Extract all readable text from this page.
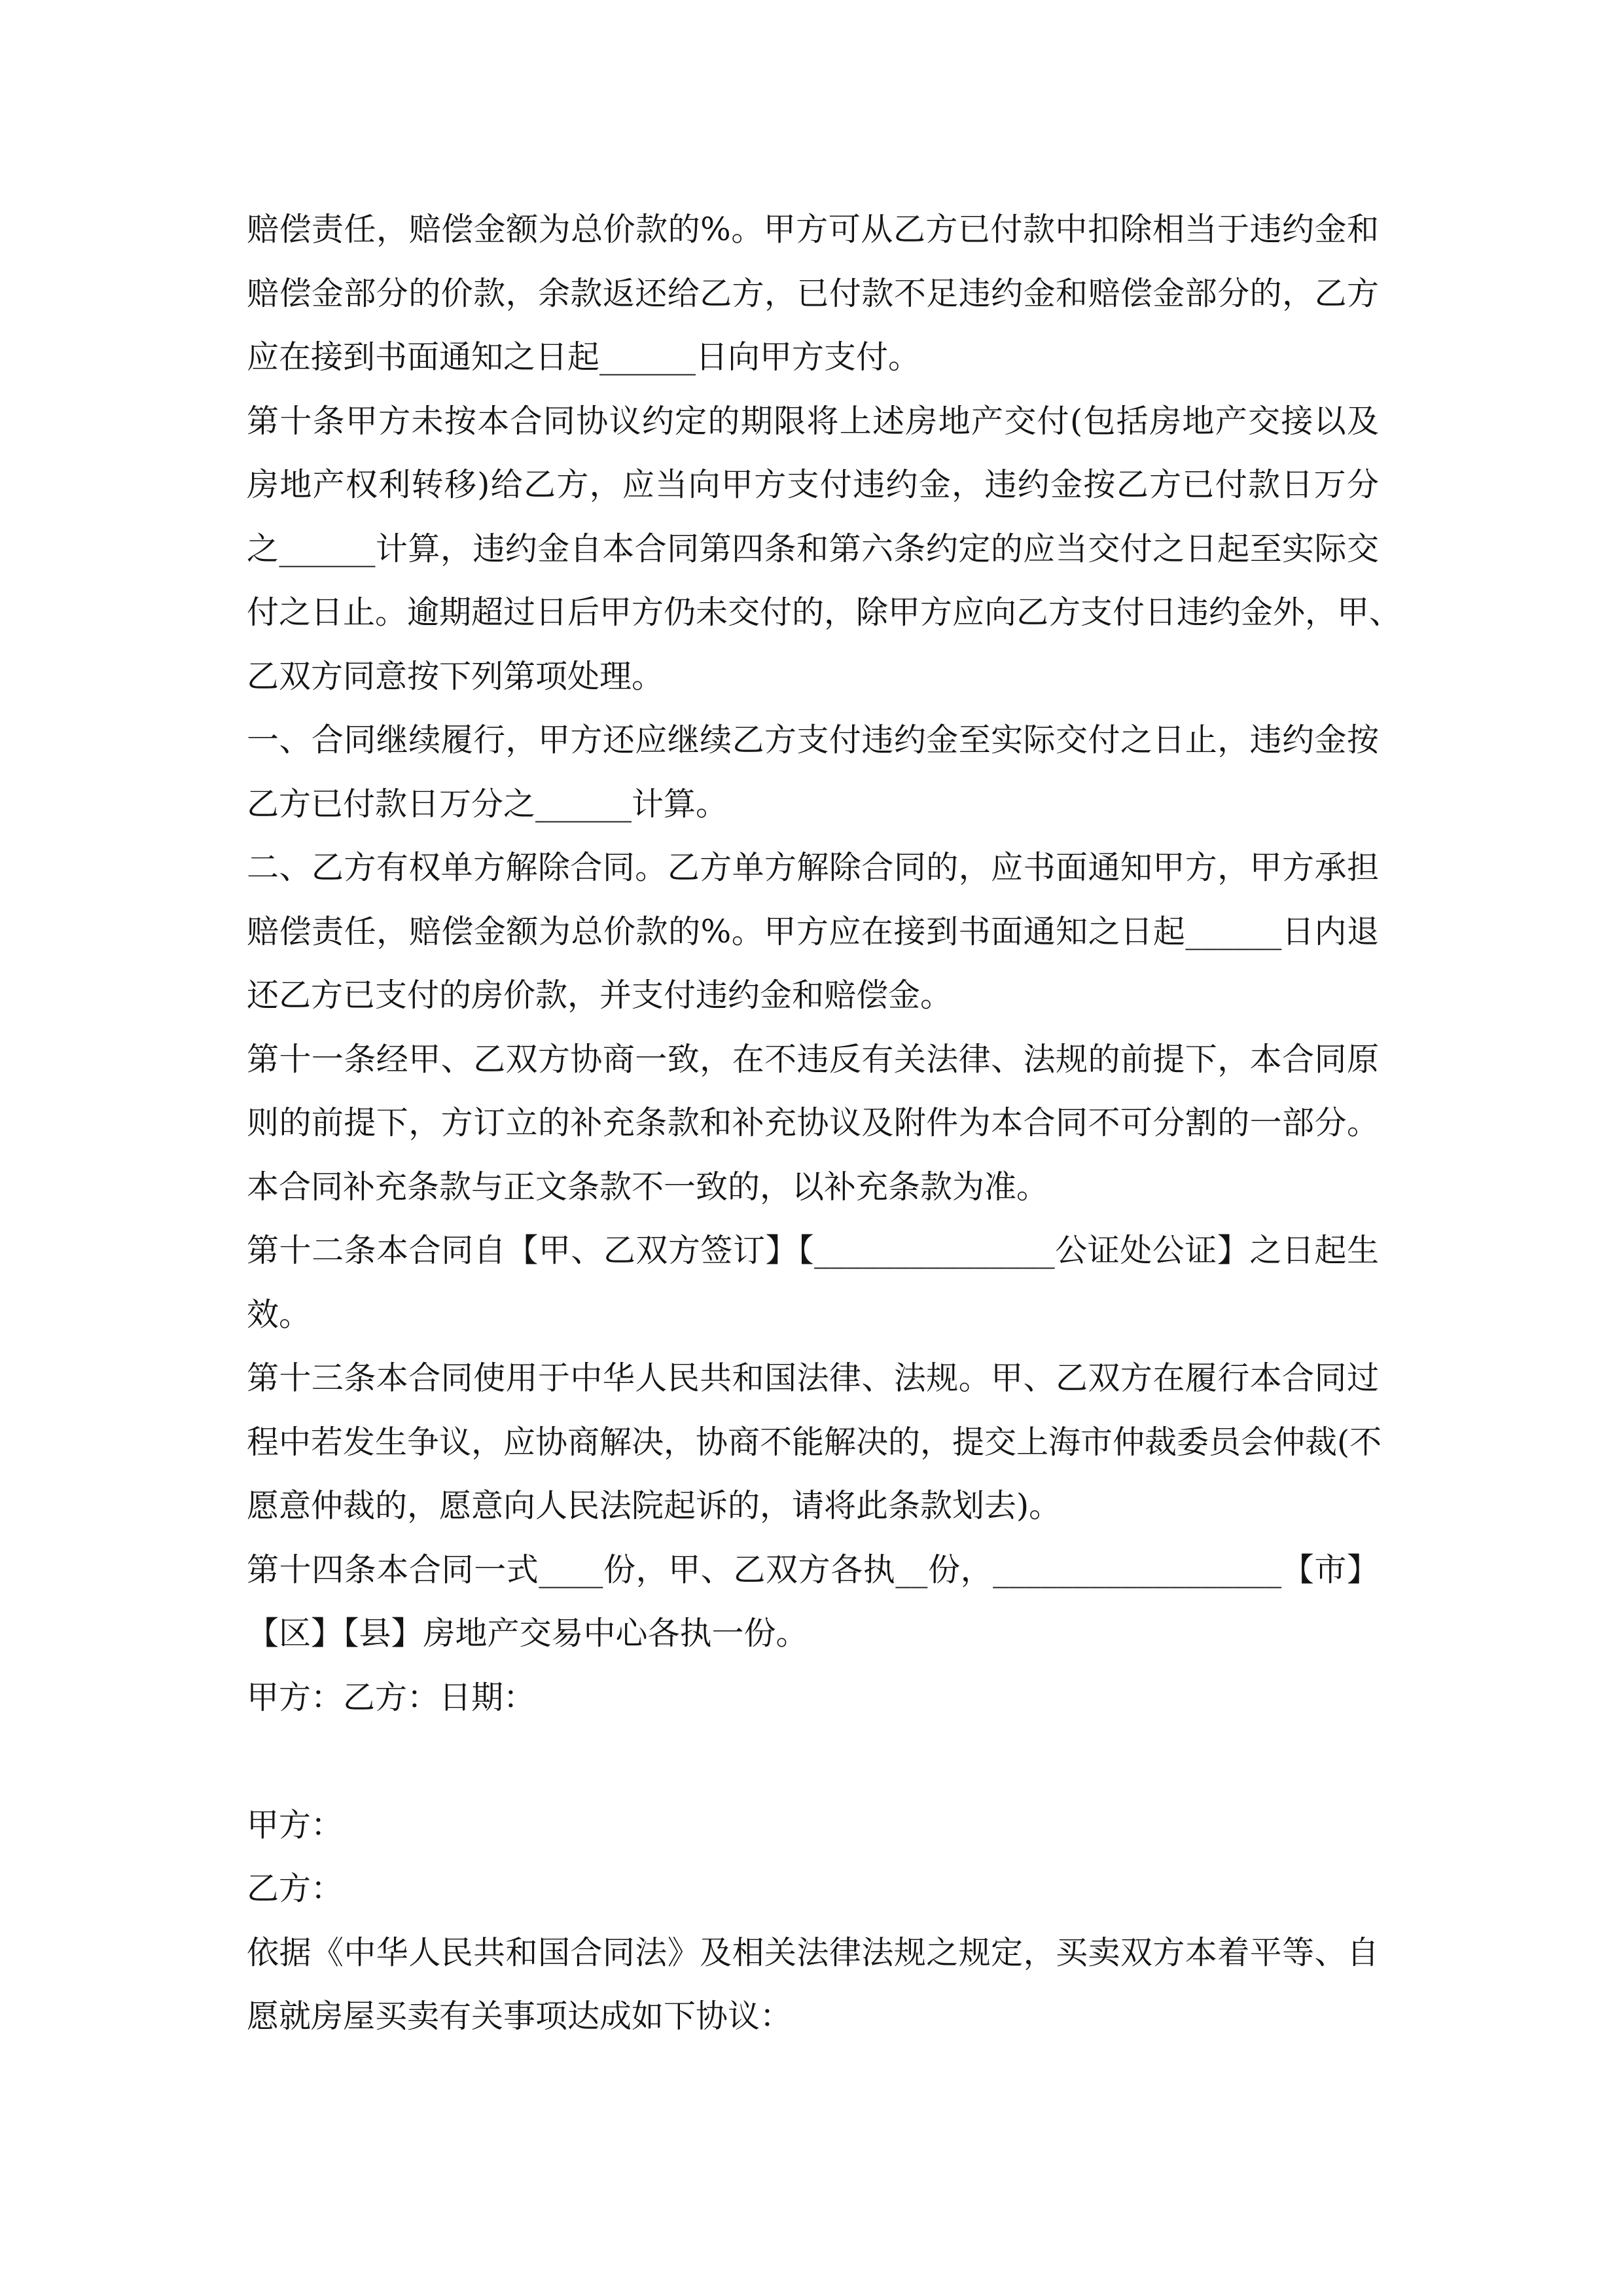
赔偿责任，赔偿金额为总价款的%。甲方可从乙方已付款中扣除相当于违约金和
赔偿金部分的价款，余款返还给乙方，已付款不足违约金和赔偿金部分的，乙方
应在接到书面通知之日起______日向甲方支付。
第十条甲方未按本合同协议约定的期限将上述房地产交付(包括房地产交接以及
房地产权利转移)给乙方，应当向甲方支付违约金，违约金按乙方已付款日万分
之______计算，违约金自本合同第四条和第六条约定的应当交付之日起至实际交
付之日止。逾期超过日后甲方仍未交付的，除甲方应向乙方支付日违约金外，甲、
乙双方同意按下列第项处理。
一、合同继续履行，甲方还应继续乙方支付违约金至实际交付之日止，违约金按
乙方已付款日万分之______计算。
二、乙方有权单方解除合同。乙方单方解除合同的，应书面通知甲方，甲方承担
赔偿责任，赔偿金额为总价款的%。甲方应在接到书面通知之日起______日内退
还乙方已支付的房价款，并支付违约金和赔偿金。
第十一条经甲、乙双方协商一致，在不违反有关法律、法规的前提下，本合同原
则的前提下，方订立的补充条款和补充协议及附件为本合同不可分割的一部分。
本合同补充条款与正文条款不一致的，以补充条款为准。
第十二条本合同自【甲、乙双方签订】【_______________公证处公证】之日起生
效。
第十三条本合同使用于中华人民共和国法律、法规。甲、乙双方在履行本合同过
程中若发生争议，应协商解决，协商不能解决的，提交上海市仲裁委员会仲裁(不
愿意仲裁的，愿意向人民法院起诉的，请将此条款划去)。
第十四条本合同一式____份，甲、乙双方各执__份，__________________【市】
【区】【县】房地产交易中心各执一份。
甲方：乙方：日期：
甲方：
乙方：
依据《中华人民共和国合同法》及相关法律法规之规定，买卖双方本着平等、自
愿就房屋买卖有关事项达成如下协议：
